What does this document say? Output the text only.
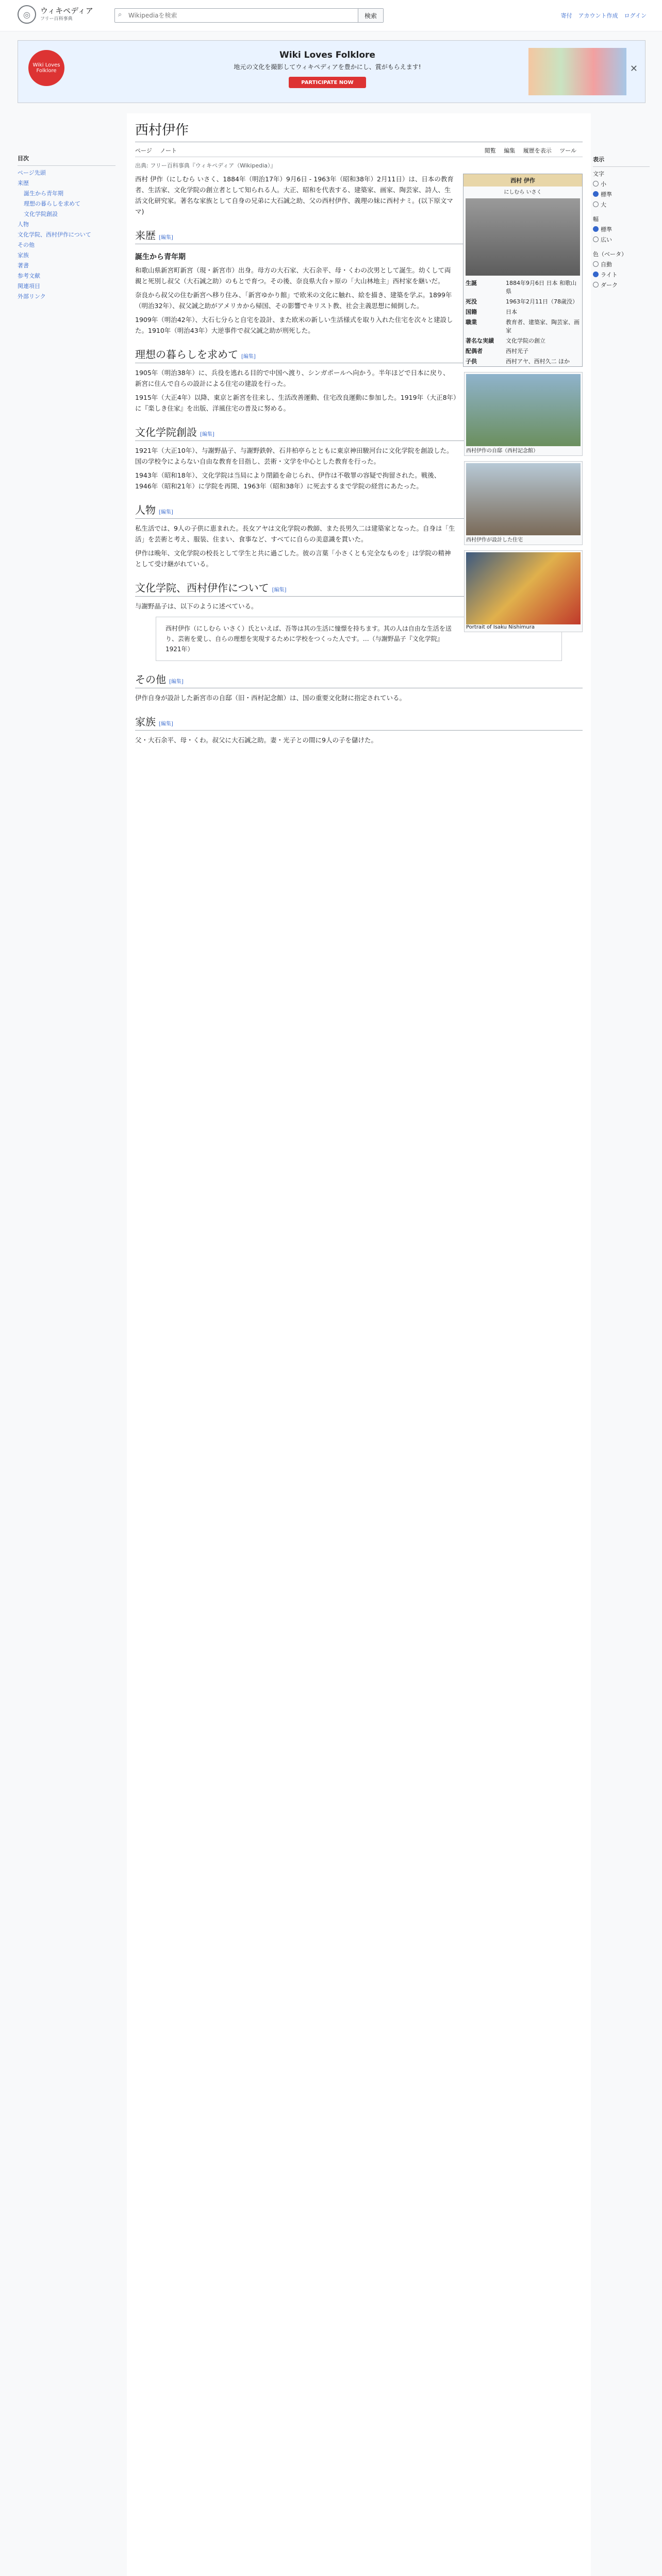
◎	ウィキペディア
フリー百科事典
⌕
Wikipediaを検索	検索	寄付 アカウント作成 ログイン
Wiki Loves Folklore
Wiki Loves Folklore
地元の文化を撮影してウィキペディアを豊かにし、賞がもらえます!
PARTICIPATE NOW
✕
目次
ページ先頭
来歴
誕生から青年期
理想の暮らしを求めて
文化学院創設
人物
文化学院、西村伊作について
その他
家族
著書
参考文献
関連項目
外部リンク
西村伊作
ページ ノート	閲覧 編集 履歴を表示 ツール
出典: フリー百科事典『ウィキペディア（Wikipedia）』
西村 伊作
にしむら いさく
生誕	1884年9月6日 日本 和歌山県
死没	1963年2月11日（78歳没）
国籍	日本
職業	教育者、建築家、陶芸家、画家
著名な実績	文化学院の創立
配偶者	西村光子
子供	西村アヤ、西村久二 ほか

西村 伊作（にしむら いさく、1884年（明治17年）9月6日 - 1963年（昭和38年）2月11日）は、日本の教育者、生活家、文化学院の創立者として知られる人。大正、昭和を代表する、建築家、画家、陶芸家、詩人、生活文化研究家。著名な家族として自身の兄弟に大石誠之助、父の西村伊作、義理の妹に西村ナミ。(以下原文ママ)

来歴 [編集]
誕生から青年期

和歌山県新宮町新宮（現・新宮市）出身。母方の大石家、大石余平、母・くわの次男として誕生。幼くして両親と死別し叔父（大石誠之助）のもとで育つ。その後、奈良県大台ヶ原の「大山林地主」西村家を継いだ。

西村伊作の自邸（西村記念館）

奈良から叔父の住む新宮へ移り住み、「新宮ゆかり館」で欧米の文化に触れ、絵を描き、建築を学ぶ。1899年（明治32年）、叔父誠之助がアメリカから帰国、その影響でキリスト教、社会主義思想に傾倒した。

1909年（明治42年）、大石七分らと自宅を設計、また欧米の新しい生活様式を取り入れた住宅を次々と建設した。1910年（明治43年）大逆事件で叔父誠之助が刑死した。

西村伊作が設計した住宅
理想の暮らしを求めて [編集]

1905年（明治38年）に、兵役を逃れる目的で中国へ渡り、シンガポールへ向かう。半年ほどで日本に戻り、新宮に住んで自らの設計による住宅の建設を行った。

1915年（大正4年）以降、東京と新宮を往来し、生活改善運動、住宅改良運動に参加した。1919年（大正8年）に『楽しき住家』を出版、洋風住宅の普及に努める。

文化学院創設 [編集]

1921年（大正10年）、与謝野晶子、与謝野鉄幹、石井柏亭らとともに東京神田駿河台に文化学院を創設した。国の学校令によらない自由な教育を目指し、芸術・文学を中心とした教育を行った。

1943年（昭和18年）、文化学院は当局により閉鎖を命じられ、伊作は不敬罪の容疑で拘留された。戦後、1946年（昭和21年）に学院を再開、1963年（昭和38年）に死去するまで学院の経営にあたった。

人物 [編集]
Portrait of Isaku Nishimura

私生活では、9人の子供に恵まれた。長女アヤは文化学院の教師、また長男久二は建築家となった。自身は「生活」を芸術と考え、服装、住まい、食事など、すべてに自らの美意識を貫いた。

伊作は晩年、文化学院の校長として学生と共に過ごした。彼の言葉「小さくとも完全なものを」は学院の精神として受け継がれている。

文化学院、西村伊作について [編集]

与謝野晶子は、以下のように述べている。

西村伊作（にしむら いさく）氏といえば、吾等は其の生活に憧憬を持ちます。其の人は自由な生活を送り、芸術を愛し、自らの理想を実現するために学校をつくった人です。…（与謝野晶子『文化学院』1921年）
その他 [編集]

伊作自身が設計した新宮市の自邸（旧・西村記念館）は、国の重要文化財に指定されている。

家族 [編集]

父・大石余平、母・くわ。叔父に大石誠之助。妻・光子との間に9人の子を儲けた。

表示
文字
小
標準
大
幅
標準
広い
色（ベータ）
自動
ライト
ダーク
